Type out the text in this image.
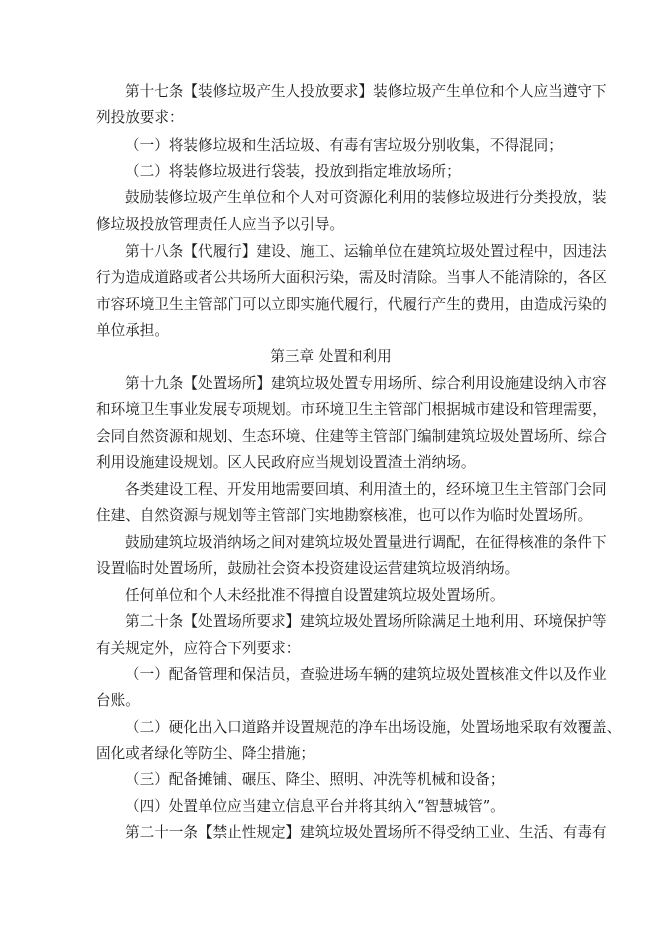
第十七条【装修垃圾产生人投放要求】装修垃圾产生单位和个人应当遵守下
列投放要求：
（一）将装修垃圾和生活垃圾、有毒有害垃圾分别收集，不得混同；
（二）将装修垃圾进行袋装，投放到指定堆放场所；
鼓励装修垃圾产生单位和个人对可资源化利用的装修垃圾进行分类投放，装
修垃圾投放管理责任人应当予以引导。
第十八条【代履行】建设、施工、运输单位在建筑垃圾处置过程中，因违法
行为造成道路或者公共场所大面积污染，需及时清除。当事人不能清除的，各区
市容环境卫生主管部门可以立即实施代履行，代履行产生的费用，由造成污染的
单位承担。
第三章 处置和利用
第十九条【处置场所】建筑垃圾处置专用场所、综合利用设施建设纳入市容
和环境卫生事业发展专项规划。市环境卫生主管部门根据城市建设和管理需要，
会同自然资源和规划、生态环境、住建等主管部门编制建筑垃圾处置场所、综合
利用设施建设规划。区人民政府应当规划设置渣土消纳场。
各类建设工程、开发用地需要回填、利用渣土的，经环境卫生主管部门会同
住建、自然资源与规划等主管部门实地勘察核准，也可以作为临时处置场所。
鼓励建筑垃圾消纳场之间对建筑垃圾处置量进行调配，在征得核准的条件下
设置临时处置场所，鼓励社会资本投资建设运营建筑垃圾消纳场。
任何单位和个人未经批准不得擅自设置建筑垃圾处置场所。
第二十条【处置场所要求】建筑垃圾处置场所除满足土地利用、环境保护等
有关规定外，应符合下列要求：
（一）配备管理和保洁员，查验进场车辆的建筑垃圾处置核准文件以及作业
台账。
（二）硬化出入口道路并设置规范的净车出场设施，处置场地采取有效覆盖、
固化或者绿化等防尘、降尘措施；
（三）配备摊铺、碾压、降尘、照明、冲洗等机械和设备；
（四）处置单位应当建立信息平台并将其纳入“智慧城管”。
第二十一条【禁止性规定】建筑垃圾处置场所不得受纳工业、生活、有毒有
